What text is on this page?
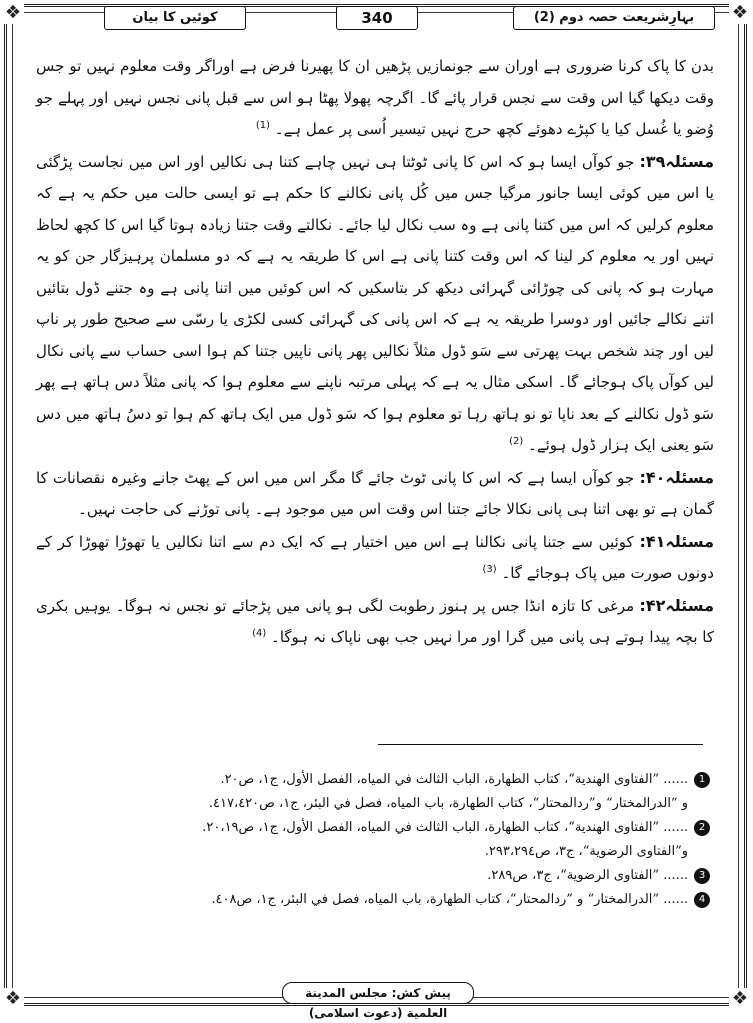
❖	❖
❖	❖
بہارِشریعت حصہ دوم (2)
340
کوئیں کا بیان

بدن کا پاک کرنا ضروری ہے اوران سے جونمازیں پڑھیں ان کا پھیرنا فرض ہے اوراگر وقت معلوم نہیں تو جس وقت دیکھا گیا اس وقت سے نجس قرار پائے گا۔ اگرچہ پھولا پھٹا ہو اس سے قبل پانی نجس نہیں اور پہلے جو وُضو یا غُسل کیا یا کپڑے دھوئے کچھ حرج نہیں تیسیر اُسی پر عمل ہے۔ $^{(1)}$

مسئلہ۳۹: جو کوآں ایسا ہو کہ اس کا پانی ٹوٹتا ہی نہیں چاہے کتنا ہی نکالیں اور اس میں نجاست پڑگئی یا اس میں کوئی ایسا جانور مرگیا جس میں کُل پانی نکالنے کا حکم ہے تو ایسی حالت میں حکم یہ ہے کہ معلوم کرلیں کہ اس میں کتنا پانی ہے وہ سب نکال لیا جائے۔ نکالتے وقت جتنا زیادہ ہوتا گیا اس کا کچھ لحاظ نہیں اور یہ معلوم کر لینا کہ اس وقت کتنا پانی ہے اس کا طریقہ یہ ہے کہ دو مسلمان پرہیزگار جن کو یہ مہارت ہو کہ پانی کی چوڑائی گہرائی دیکھ کر بتاسکیں کہ اس کوئیں میں اتنا پانی ہے وہ جتنے ڈول بتائیں اتنے نکالے جائیں اور دوسرا طریقہ یہ ہے کہ اس پانی کی گہرائی کسی لکڑی یا رسّی سے صحیح طور پر ناپ لیں اور چند شخص بہت پھرتی سے سَو ڈول مثلاً نکالیں پھر پانی ناپیں جتنا کم ہوا اسی حساب سے پانی نکال لیں کوآں پاک ہوجائے گا۔ اسکی مثال یہ ہے کہ پہلی مرتبہ ناپنے سے معلوم ہوا کہ پانی مثلاً دس ہاتھ ہے پھر سَو ڈول نکالنے کے بعد ناپا تو نو ہاتھ رہا تو معلوم ہوا کہ سَو ڈول میں ایک ہاتھ کم ہوا تو دسُ ہاتھ میں دس سَو یعنی ایک ہزار ڈول ہوئے۔ $^{(2)}$

مسئلہ۴۰: جو کوآں ایسا ہے کہ اس کا پانی ٹوٹ جائے گا مگر اس میں اس کے پھٹ جانے وغیرہ نقصانات کا گمان ہے تو بھی اتنا ہی پانی نکالا جائے جتنا اس وقت اس میں موجود ہے۔ پانی توڑنے کی حاجت نہیں۔

مسئلہ۴۱: کوئیں سے جتنا پانی نکالنا ہے اس میں اختیار ہے کہ ایک دم سے اتنا نکالیں یا تھوڑا تھوڑا کر کے دونوں صورت میں پاک ہوجائے گا۔ $^{(3)}$

مسئلہ۴۲: مرغی کا تازہ انڈا جس پر ہنوز رطوبت لگی ہو پانی میں پڑجائے تو نجس نہ ہوگا۔ یوہیں بکری کا بچہ پیدا ہوتے ہی پانی میں گرا اور مرا نہیں جب بھی ناپاک نہ ہوگا۔ $^{(4)}$

1
...... ”الفتاوی الهندية“، كتاب الطهارة، الباب الثالث في المياه، الفصل الأول، ج١، ص٢٠.
و ”الدرالمختار“ و”ردالمحتار“، كتاب الطهارة، باب المياه، فصل في البئر، ج١، ص٤١٧،٤٢٠.
2
...... ”الفتاوی الهندية“، كتاب الطهارة، الباب الثالث في المياه، الفصل الأول، ج١، ص٢٠،١٩.
و”الفتاوی الرضوية“، ج٣، ص٢٩٣،٢٩٤.
3
...... ”الفتاوی الرضوية“، ج٣، ص٢٨٩.
4
...... ”الدرالمختار“ و ”ردالمحتار“، كتاب الطهارة، باب المياه، فصل في البئر، ج١، ص٤٠٨.
پیش کش: مجلس المدينة العلمية (دعوت اسلامی)
